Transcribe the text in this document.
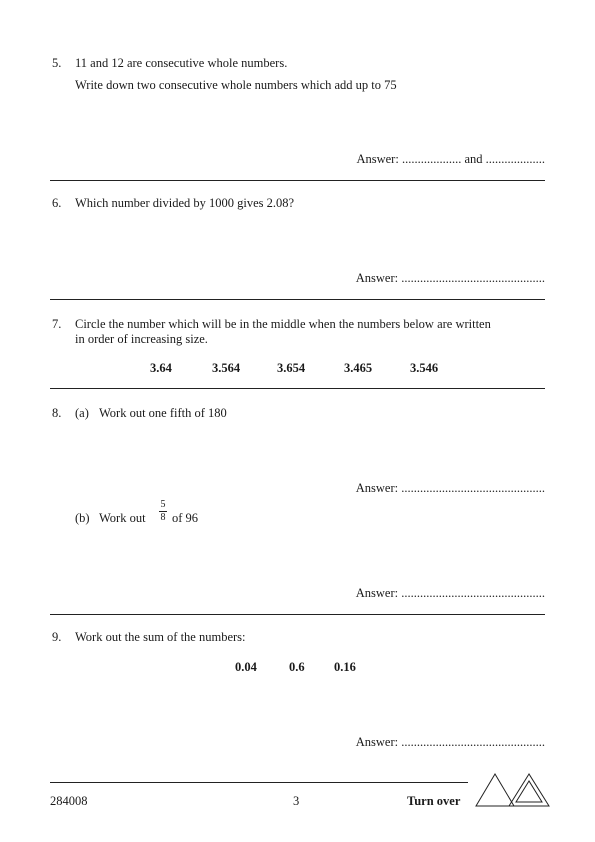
5. 11 and 12 are consecutive whole numbers.
Write down two consecutive whole numbers which add up to 75
Answer: ................... and ...................
6. Which number divided by 1000 gives 2.08?
Answer: ..............................................
7. Circle the number which will be in the middle when the numbers below are written
in order of increasing size.
3.64	3.564	3.654	3.465	3.546
8. (a) Work out one fifth of 180
Answer: ..............................................
(b) Work out
5
8 of 96
Answer: ..............................................
9. Work out the sum of the numbers:
0.04	0.6 0.16
Answer: ..............................................
284008	3	Turn over
